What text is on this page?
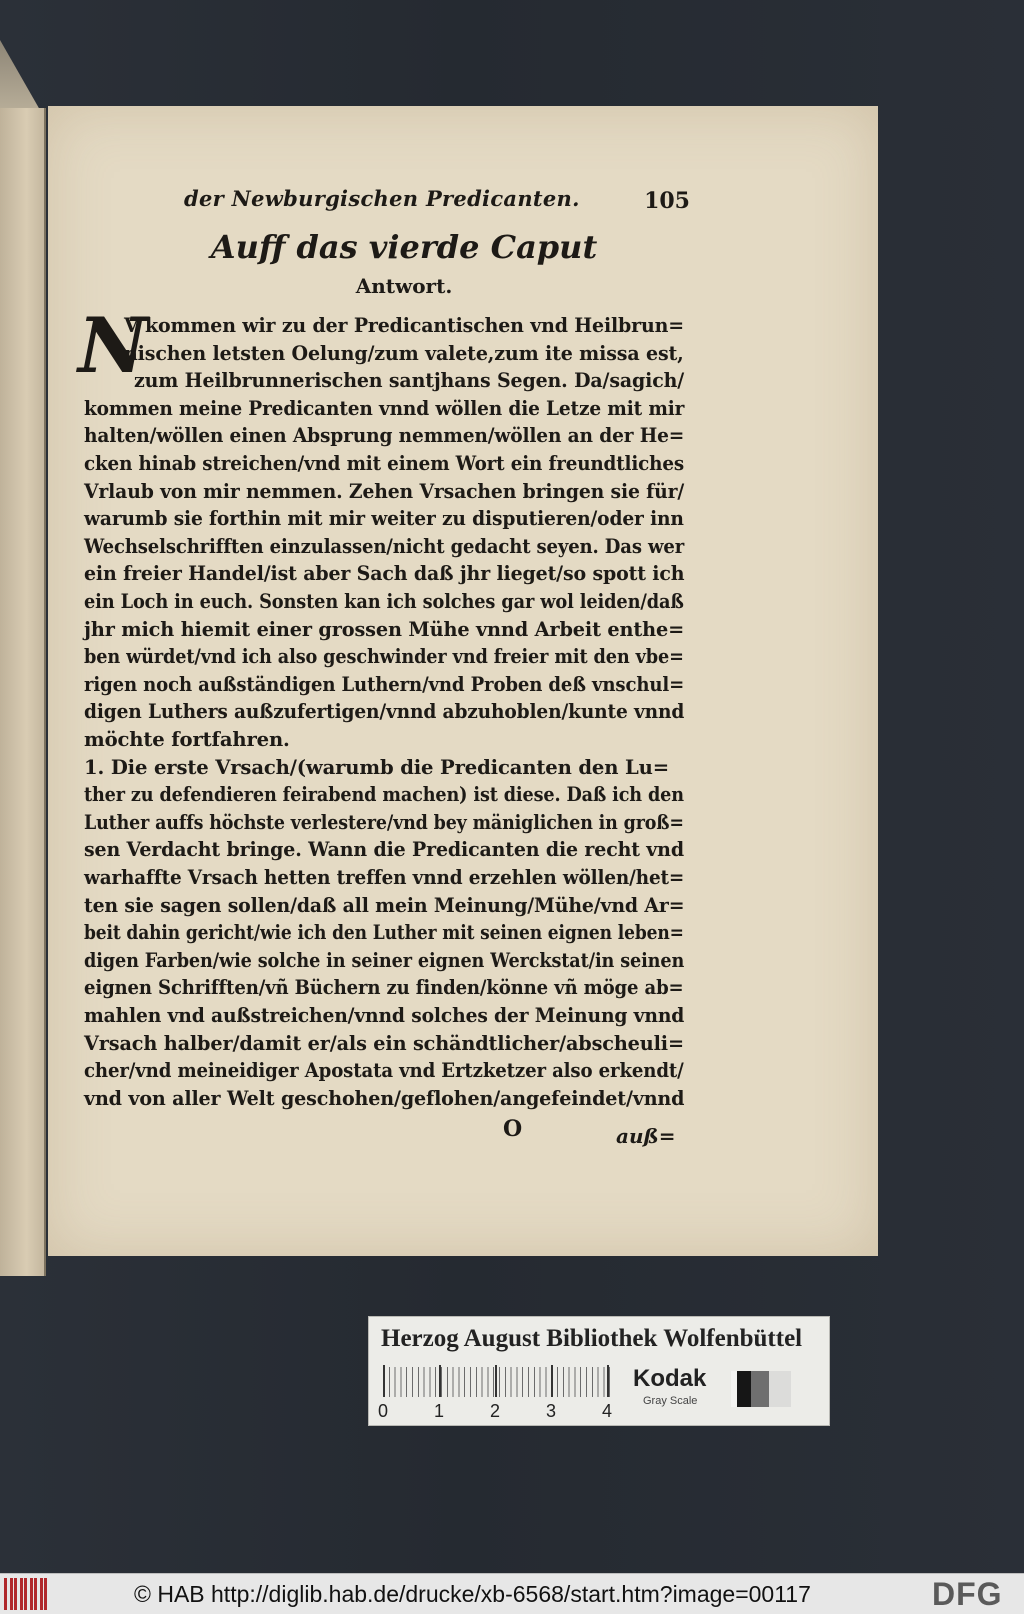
der Newburgischen Predicanten.	105
Auff das vierde Caput
Antwort.
N
V kommen wir zu der Predicantischen vnd Heilbrun=
nischen letsten Oelung/zum valete,zum ite missa est,
zum Heilbrunnerischen santjhans Segen. Da/sagich/
kommen meine Predicanten vnnd wöllen die Letze mit mir
halten/wöllen einen Absprung nemmen/wöllen an der He=
cken hinab streichen/vnd mit einem Wort ein freundtliches
Vrlaub von mir nemmen. Zehen Vrsachen bringen sie für/
warumb sie forthin mit mir weiter zu disputieren/oder inn
Wechselschrifften einzulassen/nicht gedacht seyen. Das wer
ein freier Handel/ist aber Sach daß jhr lieget/so spott ich
ein Loch in euch. Sonsten kan ich solches gar wol leiden/daß
jhr mich hiemit einer grossen Mühe vnnd Arbeit enthe=
ben würdet/vnd ich also geschwinder vnd freier mit den vbe=
rigen noch außständigen Luthern/vnd Proben deß vnschul=
digen Luthers außzufertigen/vnnd abzuhoblen/kunte vnnd
möchte fortfahren.
1. Die erste Vrsach/(warumb die Predicanten den Lu=
ther zu defendieren feirabend machen) ist diese. Daß ich den
Luther auffs höchste verlestere/vnd bey mäniglichen in groß=
sen Verdacht bringe. Wann die Predicanten die recht vnd
warhaffte Vrsach hetten treffen vnnd erzehlen wöllen/het=
ten sie sagen sollen/daß all mein Meinung/Mühe/vnd Ar=
beit dahin gericht/wie ich den Luther mit seinen eignen leben=
digen Farben/wie solche in seiner eignen Werckstat/in seinen
eignen Schrifften/vñ Büchern zu finden/könne vñ möge ab=
mahlen vnd außstreichen/vnnd solches der Meinung vnnd
Vrsach halber/damit er/als ein schändtlicher/abscheuli=
cher/vnd meineidiger Apostata vnd Ertzketzer also erkendt/
vnd von aller Welt geschohen/geflohen/angefeindet/vnnd
O	auß=
Herzog August Bibliothek Wolfenbüttel
0	1	2	3	4
Kodak
Gray Scale
© HAB http://diglib.hab.de/drucke/xb-6568/start.htm?image=00117	DFG
